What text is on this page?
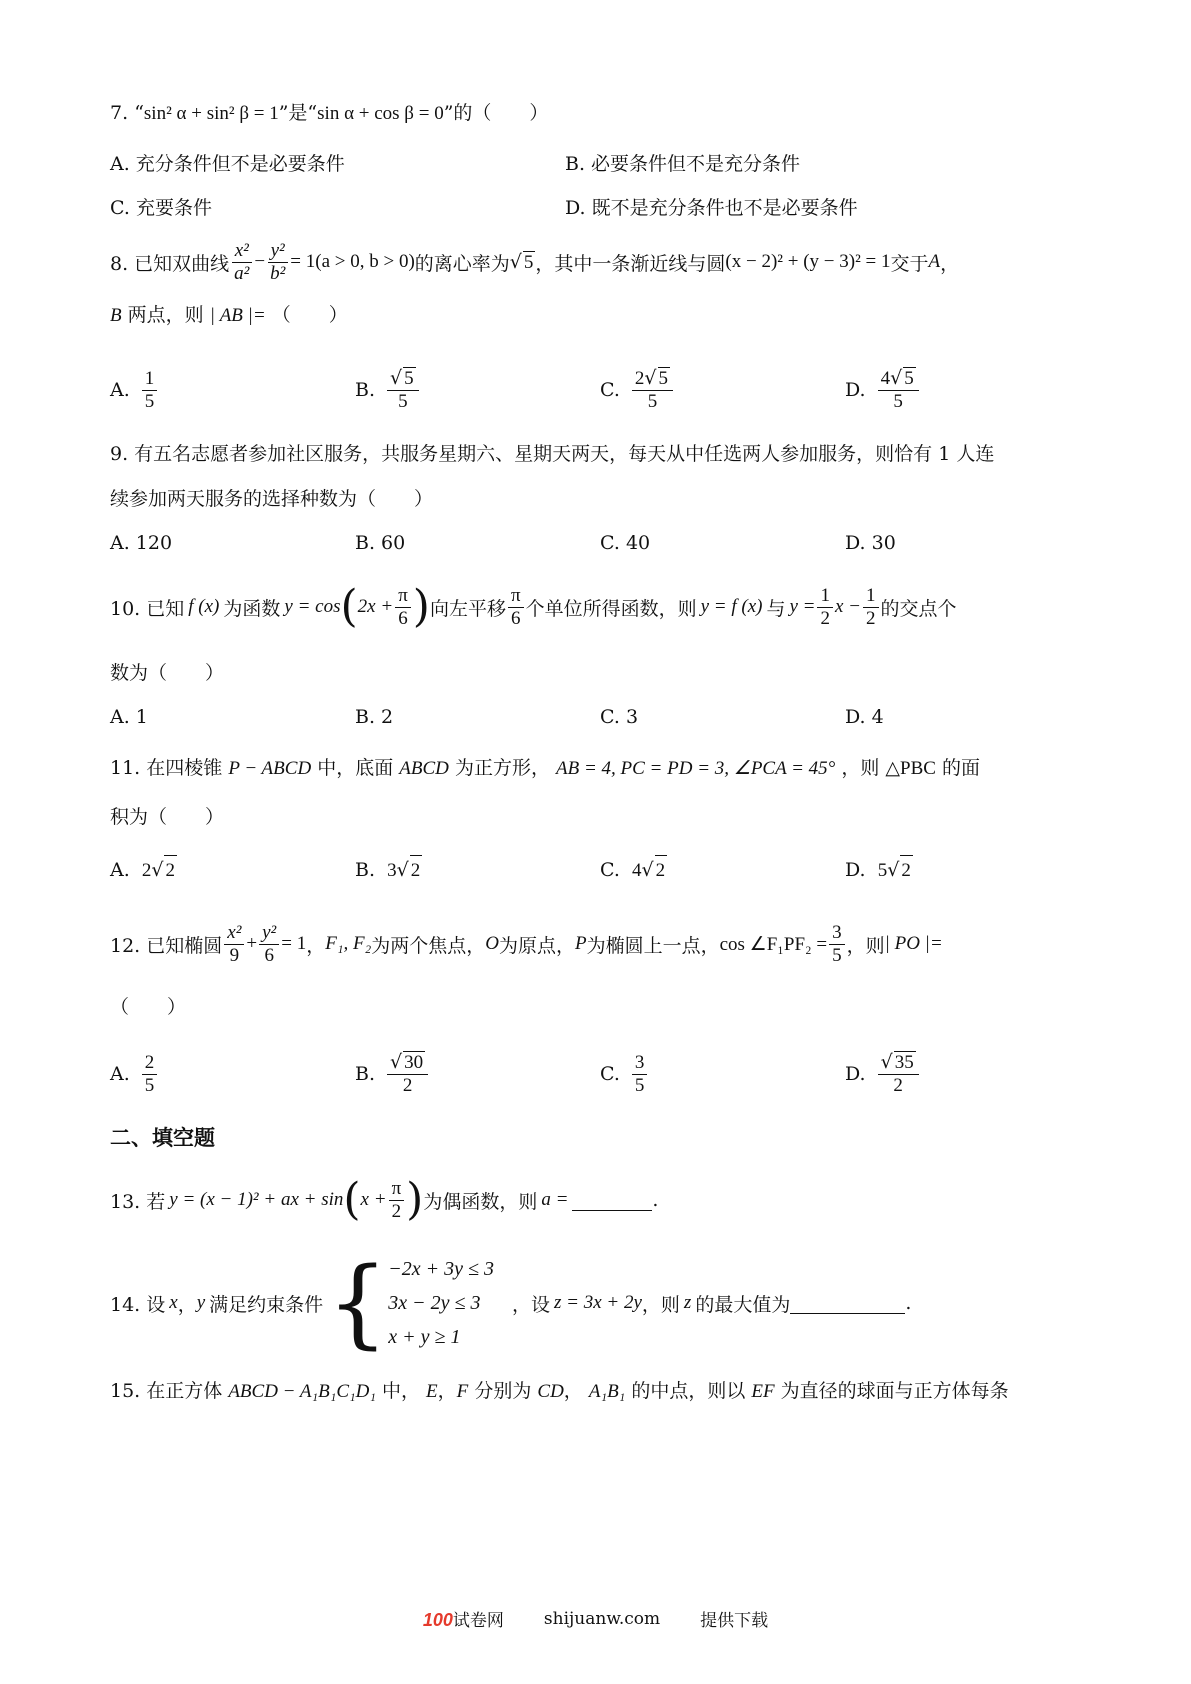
7. “sin² α + sin² β = 1”是“sin α + cos β = 0”的（　　）
A. 充分条件但不是必要条件	B. 必要条件但不是充分条件
C. 充要条件	D. 既不是充分条件也不是必要条件
8. 已知双曲线 $\frac{\text{x²}}{\text{a²}} - \frac{\text{y²}}{\text{b²}} = 1(a > 0$, b > 0) 的离心率为 √ 5 ，其中一条渐近线与圆 (x − 2)² + (y − 3)² = 1 交于 A ，
B 两点，则 | AB |= （　　）
A. $\frac{1}{5}$	B. $\frac{√ 5}{5}$	C. $\frac{2√ 5}{5}$	D. $\frac{4√ 5}{5}$
9. 有五名志愿者参加社区服务，共服务星期六、星期天两天，每天从中任选两人参加服务，则恰有 1 人连
续参加两天服务的选择种数为（　　）
A. 120	B. 60	C. 40	D. 30
10. 已知 f (x) 为函数 y = cos ( $2x + \frac{\pi}{6}$ ) 向左平移 $\frac{\pi}{6}$ 个单位所得函数，则 y = f (x) 与 $y = \frac{1}{2}$ $x - \frac{1}{2}$ 的交点个
数为（　　）
A. 1	B. 2	C. 3	D. 4
11. 在四棱锥 P − ABCD 中，底面 ABCD 为正方形， AB = 4, PC = PD = 3, ∠PCA = 45° ，则 △PBC 的面
积为（　　）
A. 2√ 2	B. 3√ 2	C. 4√ 2	D. 5√ 2
12. 已知椭圆 $\frac{\text{x²}}{9} + \frac{\text{y²}}{6} = 1$ ， F₁, F₂ 为两个焦点， O 为原点， P 为椭圆上一点， cos ∠F₁PF₂ = $\frac{3}{5}$ ，则 | PO |=
（　　）
A. $\frac{2}{5}$	B. $\frac{√ 30}{2}$	C. $\frac{3}{5}$	D. $\frac{√ 35}{2}$
二、填空题
13. 若 y = (x − 1)² + ax + sin ( $x + \frac{\pi}{2}$ ) 为偶函数，则 a =	.
14. 设 x ， y 满足约束条件 { −2x + 3y ≤ 3
3x − 2y ≤ 3
x + y ≥ 1
，设 z = 3x + 2y ，则 z 的最大值为	.
15. 在正方体 ABCD − A₁B₁C₁D₁ 中， E，F 分别为 CD， A₁B₁ 的中点，则以 EF 为直径的球面与正方体每条
100试卷网 shijuanw.com 提供下载
